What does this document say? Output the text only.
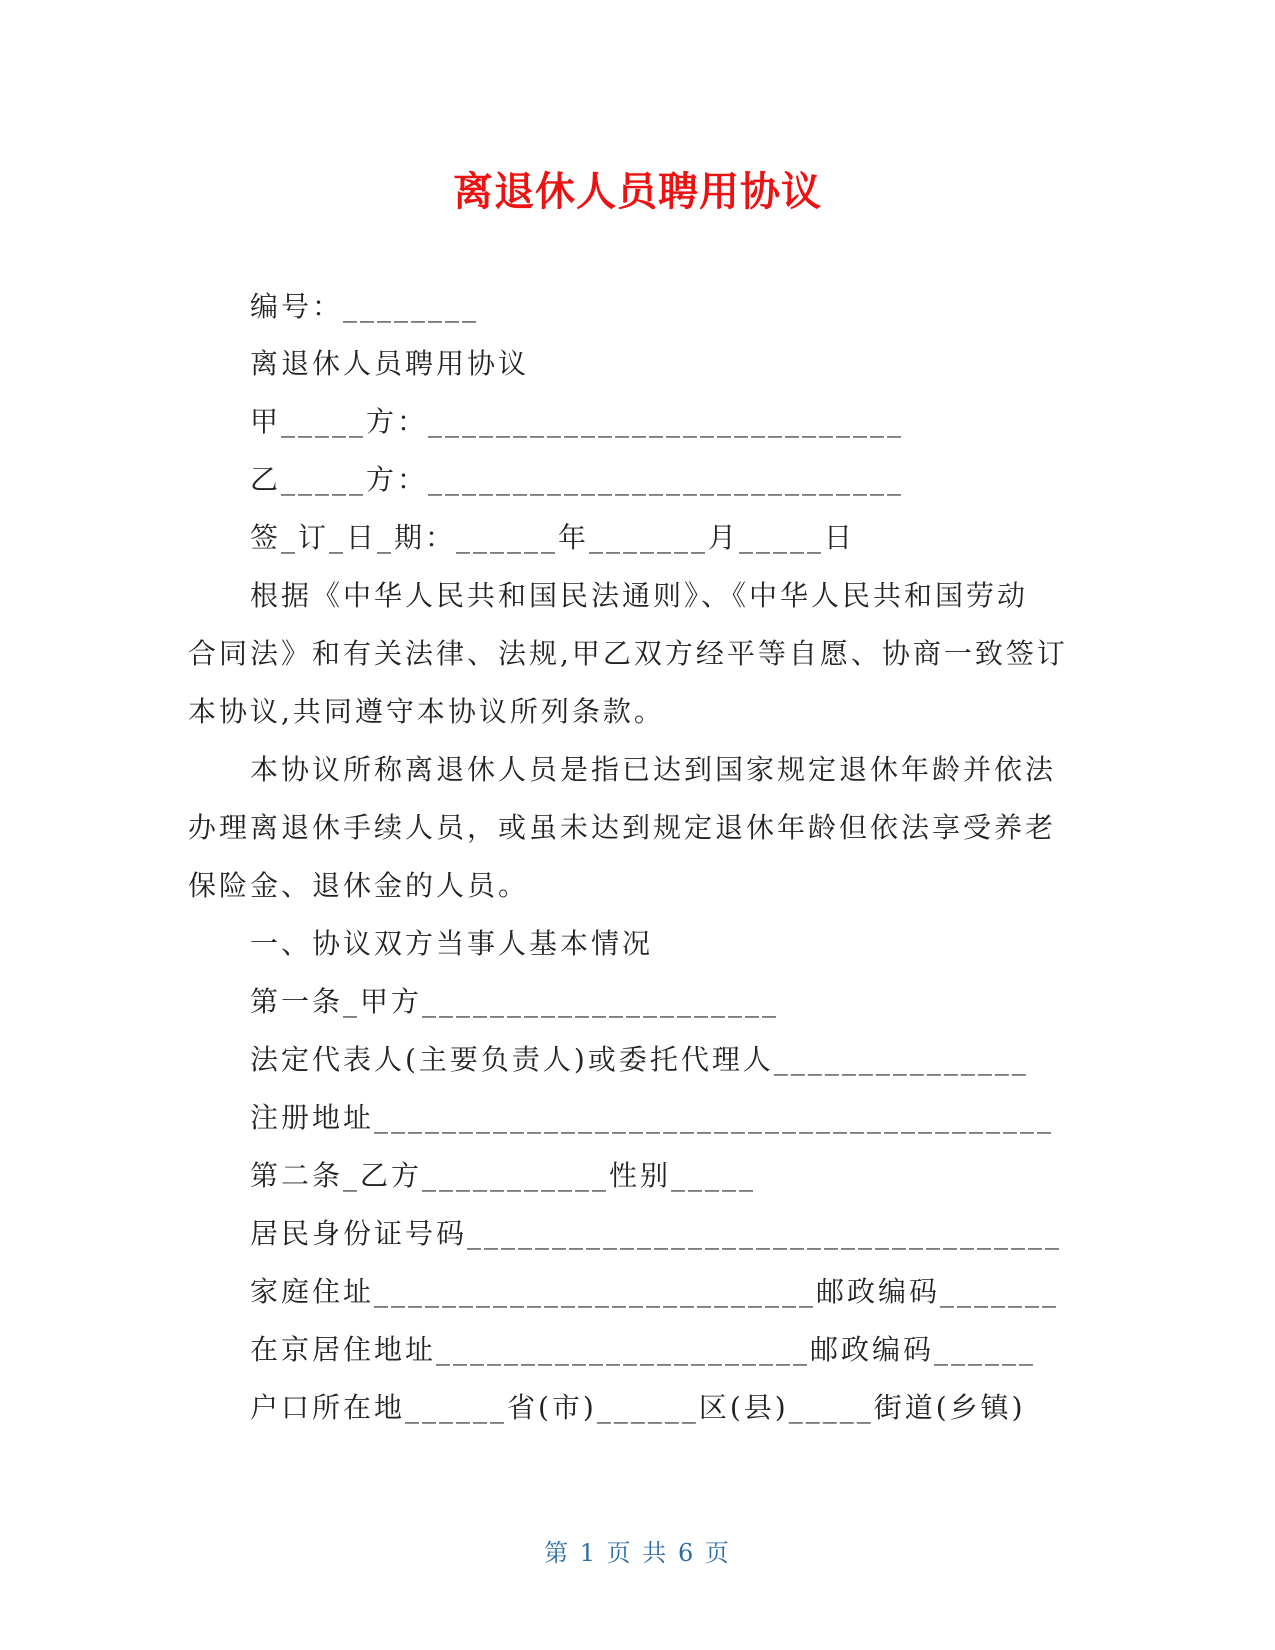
离退休人员聘用协议
编号：________
离退休人员聘用协议
甲_____方：____________________________
乙_____方：____________________________
签_订_日_期：______年_______月_____日
根据《中华人民共和国民法通则》、《中华人民共和国劳动
合同法》和有关法律、法规,甲乙双方经平等自愿、协商一致签订
本协议,共同遵守本协议所列条款。
本协议所称离退休人员是指已达到国家规定退休年龄并依法
办理离退休手续人员，或虽未达到规定退休年龄但依法享受养老
保险金、退休金的人员。
一、协议双方当事人基本情况
第一条_甲方_____________________
法定代表人(主要负责人)或委托代理人_______________
注册地址________________________________________
第二条_乙方___________性别_____
居民身份证号码___________________________________
家庭住址__________________________邮政编码_______
在京居住地址______________________邮政编码______
户口所在地______省(市)______区(县)_____街道(乡镇)
第 1 页 共 6 页
